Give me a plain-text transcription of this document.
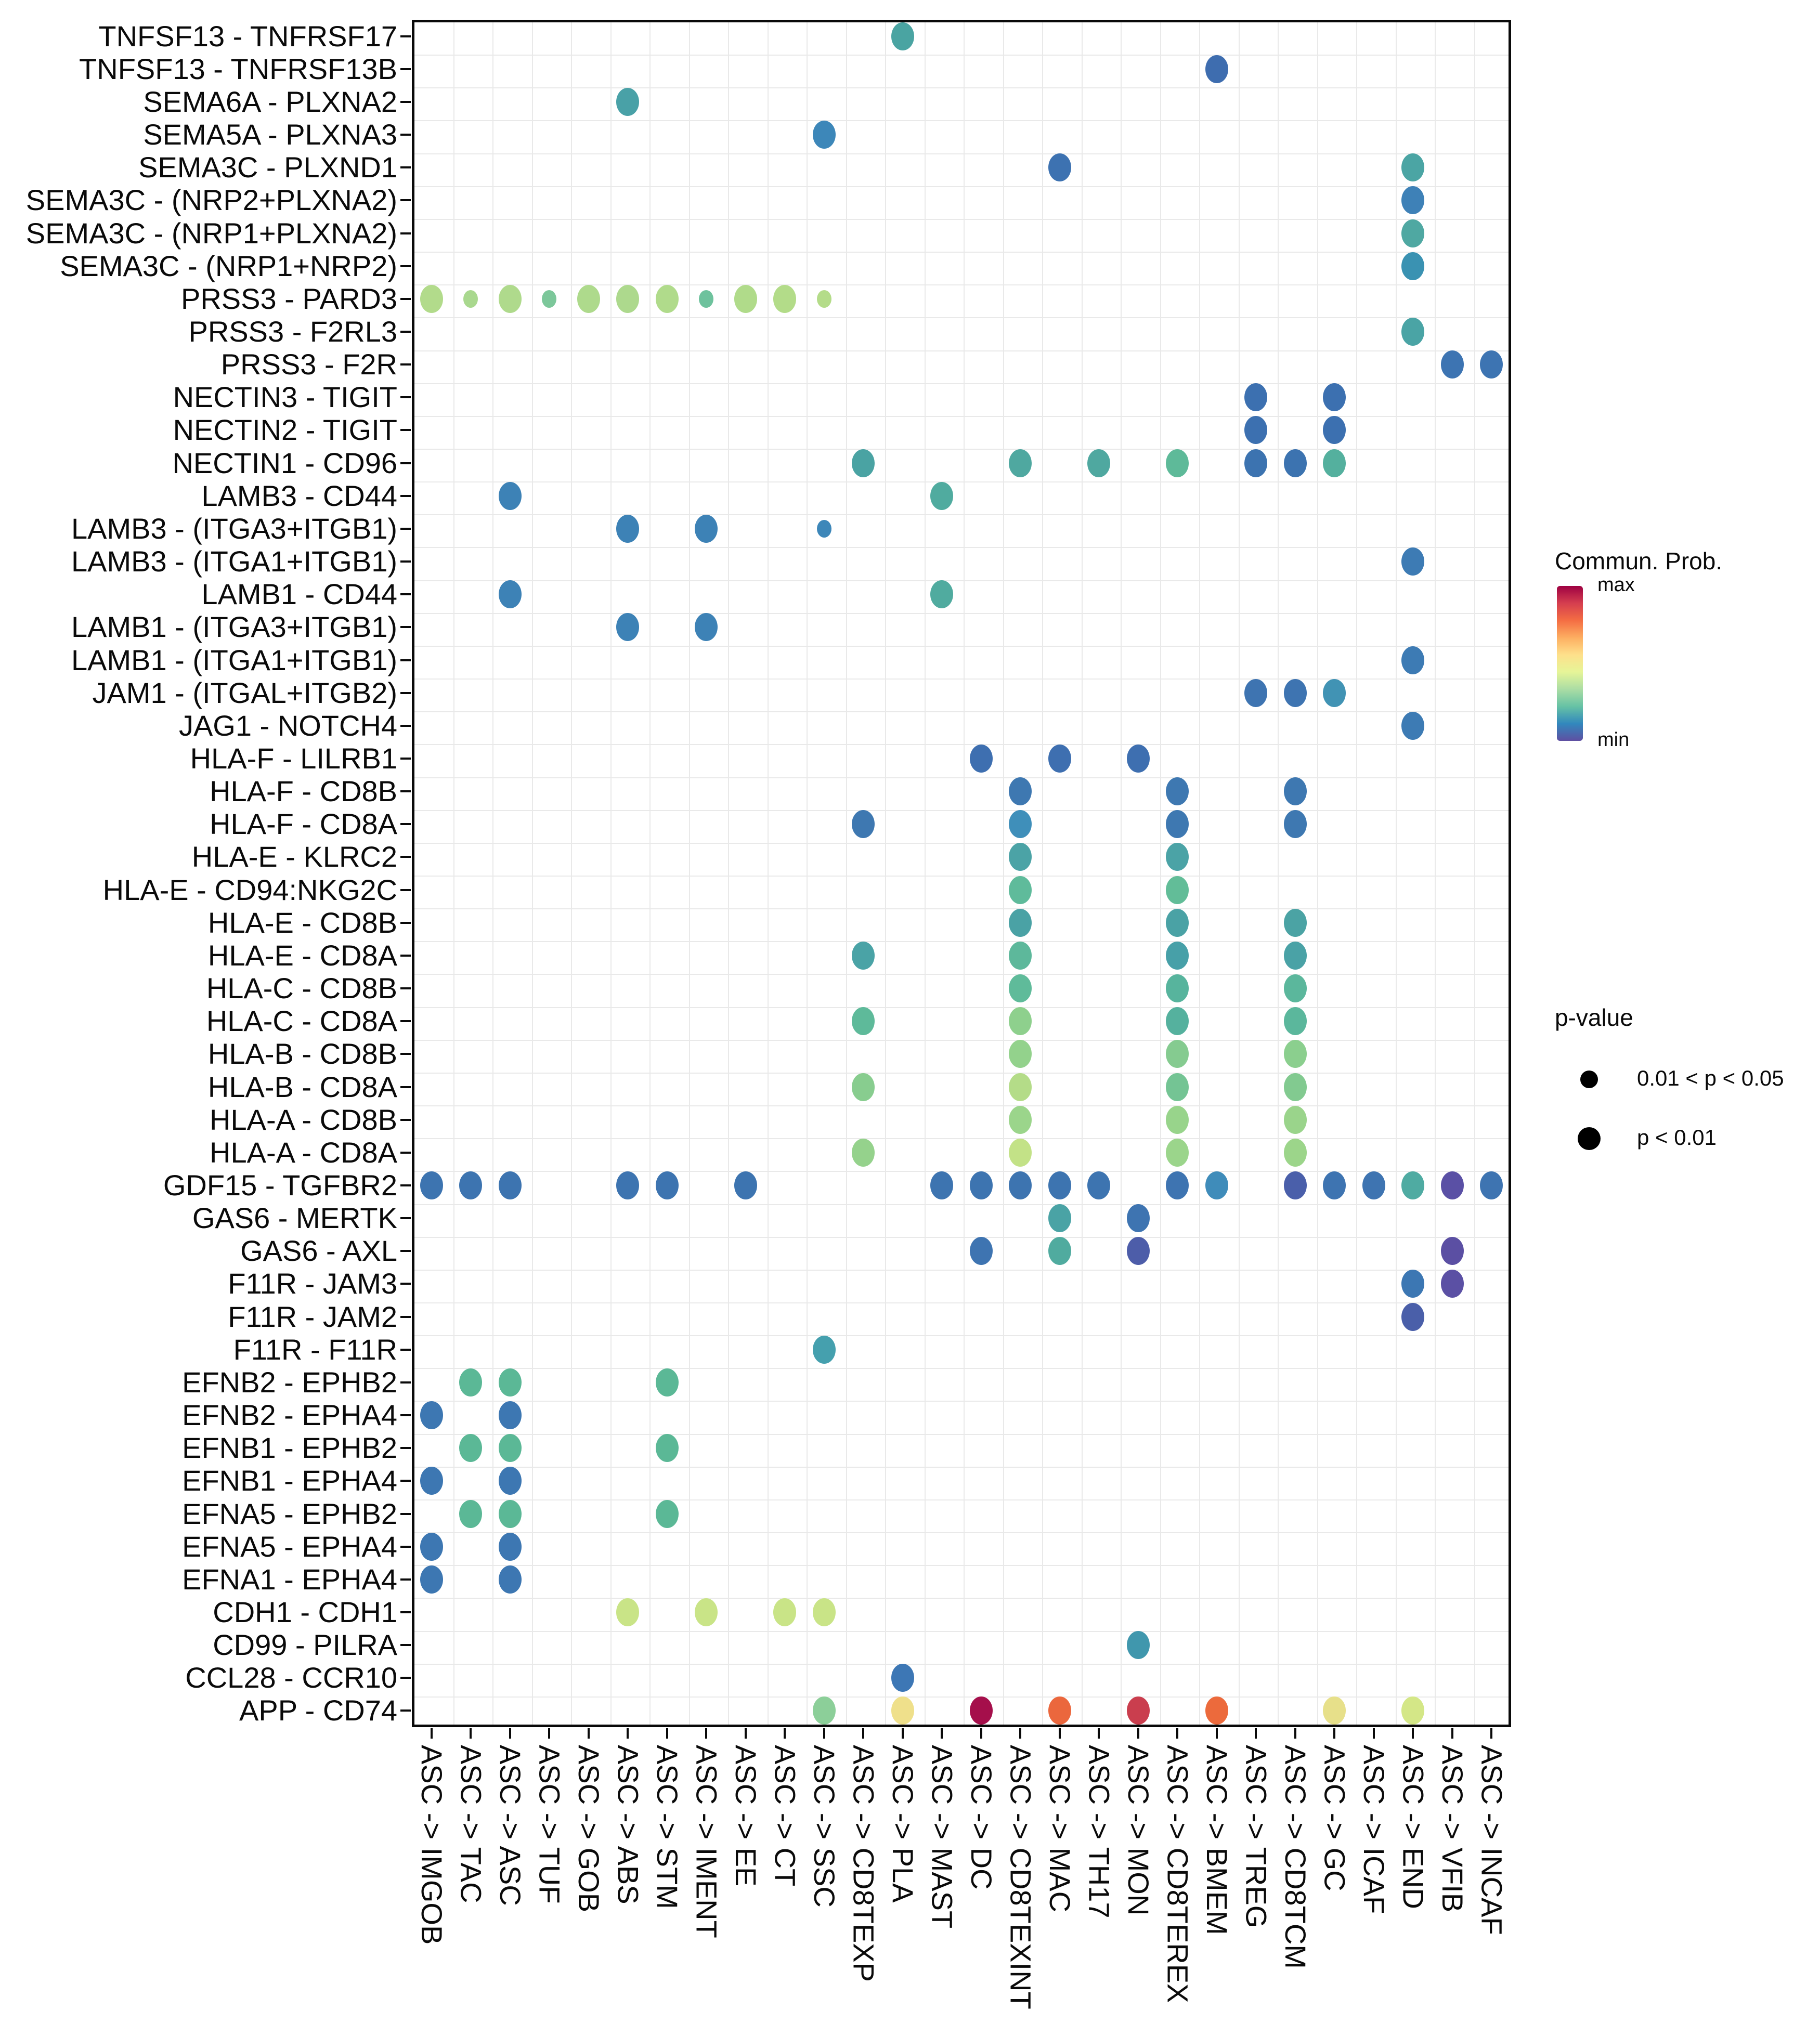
TNFSF13 - TNFRSF17
TNFSF13 - TNFRSF13B
SEMA6A - PLXNA2
SEMA5A - PLXNA3
SEMA3C - PLXND1
SEMA3C - (NRP2+PLXNA2)
SEMA3C - (NRP1+PLXNA2)
SEMA3C - (NRP1+NRP2)
PRSS3 - PARD3
PRSS3 - F2RL3
PRSS3 - F2R
NECTIN3 - TIGIT
NECTIN2 - TIGIT
NECTIN1 - CD96
LAMB3 - CD44
LAMB3 - (ITGA3+ITGB1)
LAMB3 - (ITGA1+ITGB1)
LAMB1 - CD44
LAMB1 - (ITGA3+ITGB1)
LAMB1 - (ITGA1+ITGB1)
JAM1 - (ITGAL+ITGB2)
JAG1 - NOTCH4
HLA-F - LILRB1
HLA-F - CD8B
HLA-F - CD8A
HLA-E - KLRC2
HLA-E - CD94:NKG2C
HLA-E - CD8B
HLA-E - CD8A
HLA-C - CD8B
HLA-C - CD8A
HLA-B - CD8B
HLA-B - CD8A
HLA-A - CD8B
HLA-A - CD8A
GDF15 - TGFBR2
GAS6 - MERTK
GAS6 - AXL
F11R - JAM3
F11R - JAM2
F11R - F11R
EFNB2 - EPHB2
EFNB2 - EPHA4
EFNB1 - EPHB2
EFNB1 - EPHA4
EFNA5 - EPHB2
EFNA5 - EPHA4
EFNA1 - EPHA4
CDH1 - CDH1
CD99 - PILRA
CCL28 - CCR10
APP - CD74
ASC -> IMGOB ASC -> TAC ASC -> ASC ASC -> TUF ASC -> GOB ASC -> ABS ASC -> STM ASC -> IMENT ASC -> EE ASC -> CT ASC -> SSC ASC -> CD8TEXP ASC -> PLA ASC -> MAST ASC -> DC ASC -> CD8TEXINT ASC -> MAC ASC -> TH17 ASC -> MON ASC -> CD8TEREX ASC -> BMEM ASC -> TREG ASC -> CD8TCM ASC -> GC ASC -> ICAF ASC -> END ASC -> VFIB ASC -> INCAF
Commun. Prob.
max
min
p-value
0.01 < p < 0.05
p < 0.01
